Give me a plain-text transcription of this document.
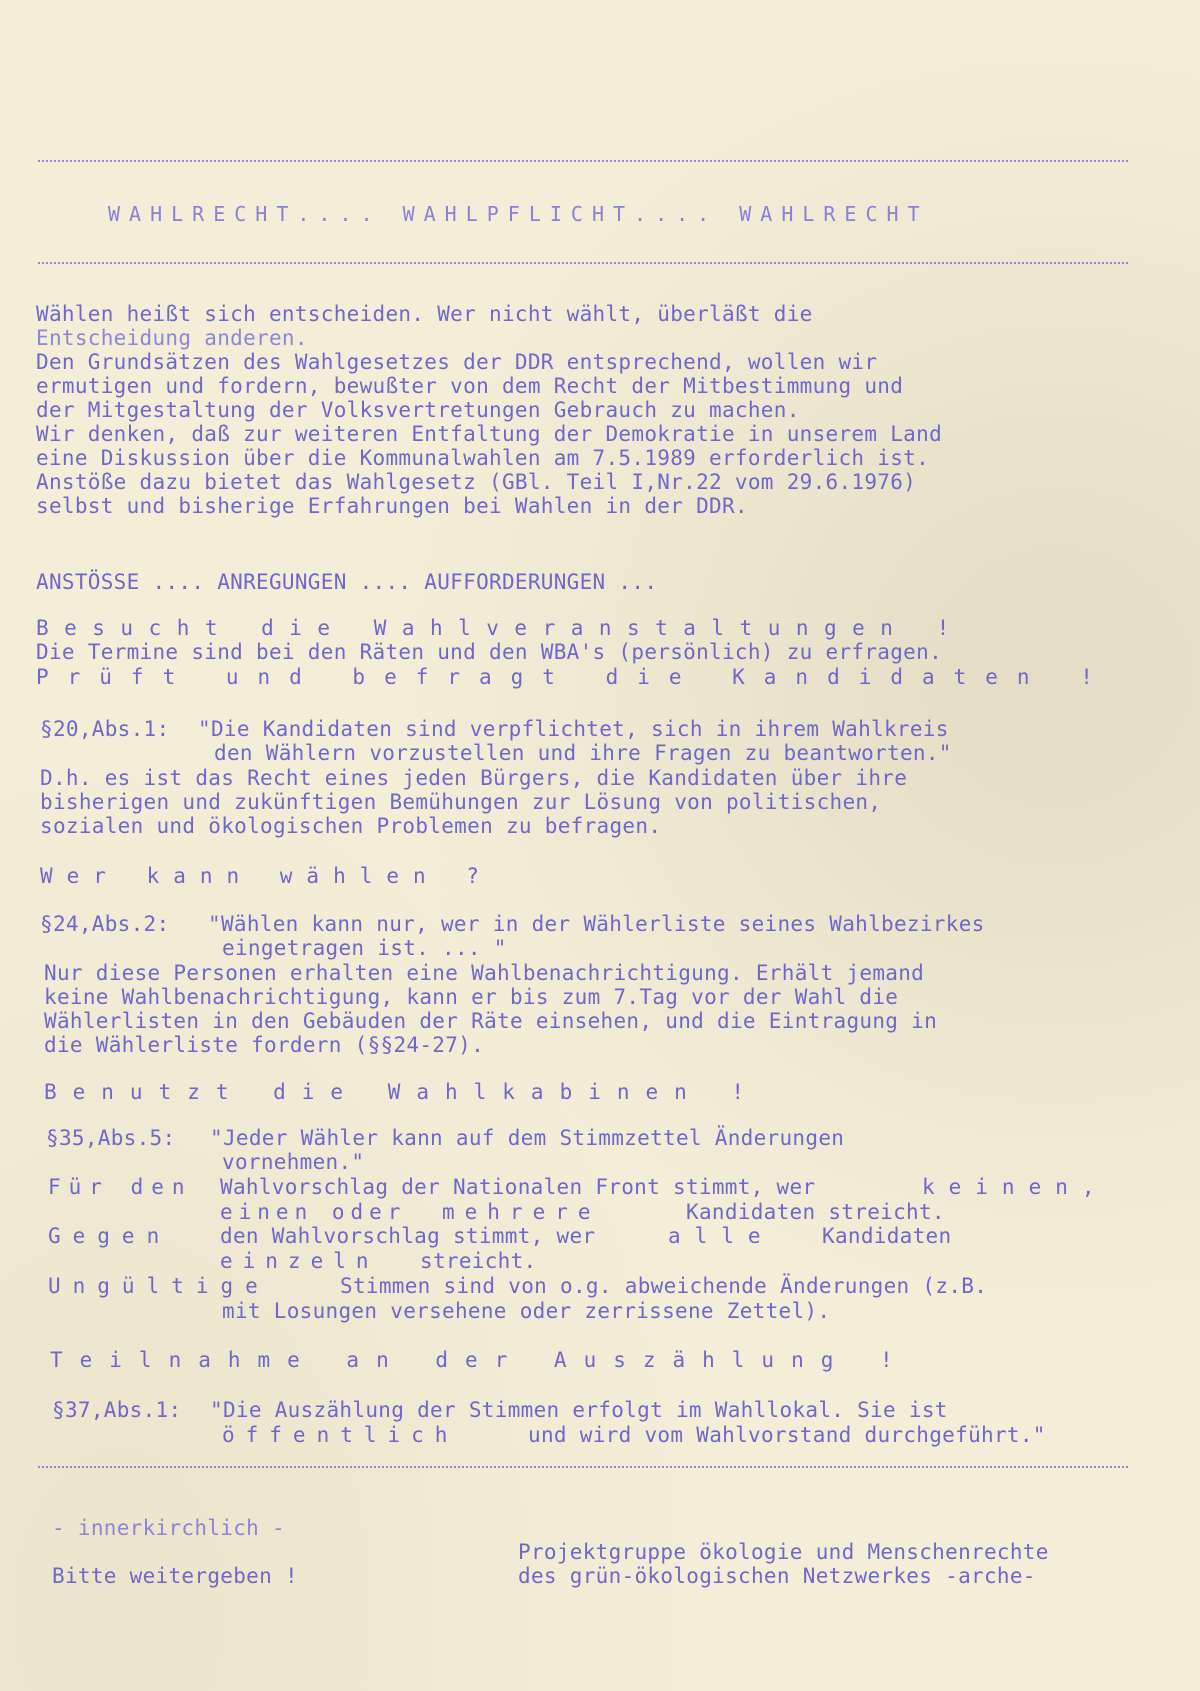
WAHLRECHT.... WAHLPFLICHT.... WAHLRECHT
Wählen heißt sich entscheiden. Wer nicht wählt, überläßt die
Entscheidung anderen.
Den Grundsätzen des Wahlgesetzes der DDR entsprechend, wollen wir
ermutigen und fordern, bewußter von dem Recht der Mitbestimmung und
der Mitgestaltung der Volksvertretungen Gebrauch zu machen.
Wir denken, daß zur weiteren Entfaltung der Demokratie in unserem Land
eine Diskussion über die Kommunalwahlen am 7.5.1989 erforderlich ist.
Anstöße dazu bietet das Wahlgesetz (GBl. Teil I,Nr.22 vom 29.6.1976)
selbst und bisherige Erfahrungen bei Wahlen in der DDR.
ANSTÖSSE .... ANREGUNGEN .... AUFFORDERUNGEN ...
Besucht die Wahlveranstaltungen !
Die Termine sind bei den Räten und den WBA's (persönlich) zu erfragen.
Prüft und befragt die Kandidaten !
§20,Abs.1: "Die Kandidaten sind verpflichtet, sich in ihrem Wahlkreis
den Wählern vorzustellen und ihre Fragen zu beantworten."
D.h. es ist das Recht eines jeden Bürgers, die Kandidaten über ihre
bisherigen und zukünftigen Bemühungen zur Lösung von politischen,
sozialen und ökologischen Problemen zu befragen.
Wer kann wählen ?
§24,Abs.2: "Wählen kann nur, wer in der Wählerliste seines Wahlbezirkes
eingetragen ist. ... "
Nur diese Personen erhalten eine Wahlbenachrichtigung. Erhält jemand
keine Wahlbenachrichtigung, kann er bis zum 7.Tag vor der Wahl die
Wählerlisten in den Gebäuden der Räte einsehen, und die Eintragung in
die Wählerliste fordern (§§24-27).
Benutzt die Wahlkabinen !
§35,Abs.5: "Jeder Wähler kann auf dem Stimmzettel Änderungen
vornehmen."
Für den Wahlvorschlag der Nationalen Front stimmt, wer	keinen,
einen oder mehrere	Kandidaten streicht.
Gegen den Wahlvorschlag stimmt, wer	alle Kandidaten
einzeln streicht.
Ungültige	Stimmen sind von o.g. abweichende Änderungen (z.B.
mit Losungen versehene oder zerrissene Zettel).
Teilnahme an der Auszählung !
§37,Abs.1: "Die Auszählung der Stimmen erfolgt im Wahllokal. Sie ist
öffentlich	und wird vom Wahlvorstand durchgeführt."
- innerkirchlich -
Bitte weitergeben !
Projektgruppe ökologie und Menschenrechte
des grün-ökologischen Netzwerkes -arche-
